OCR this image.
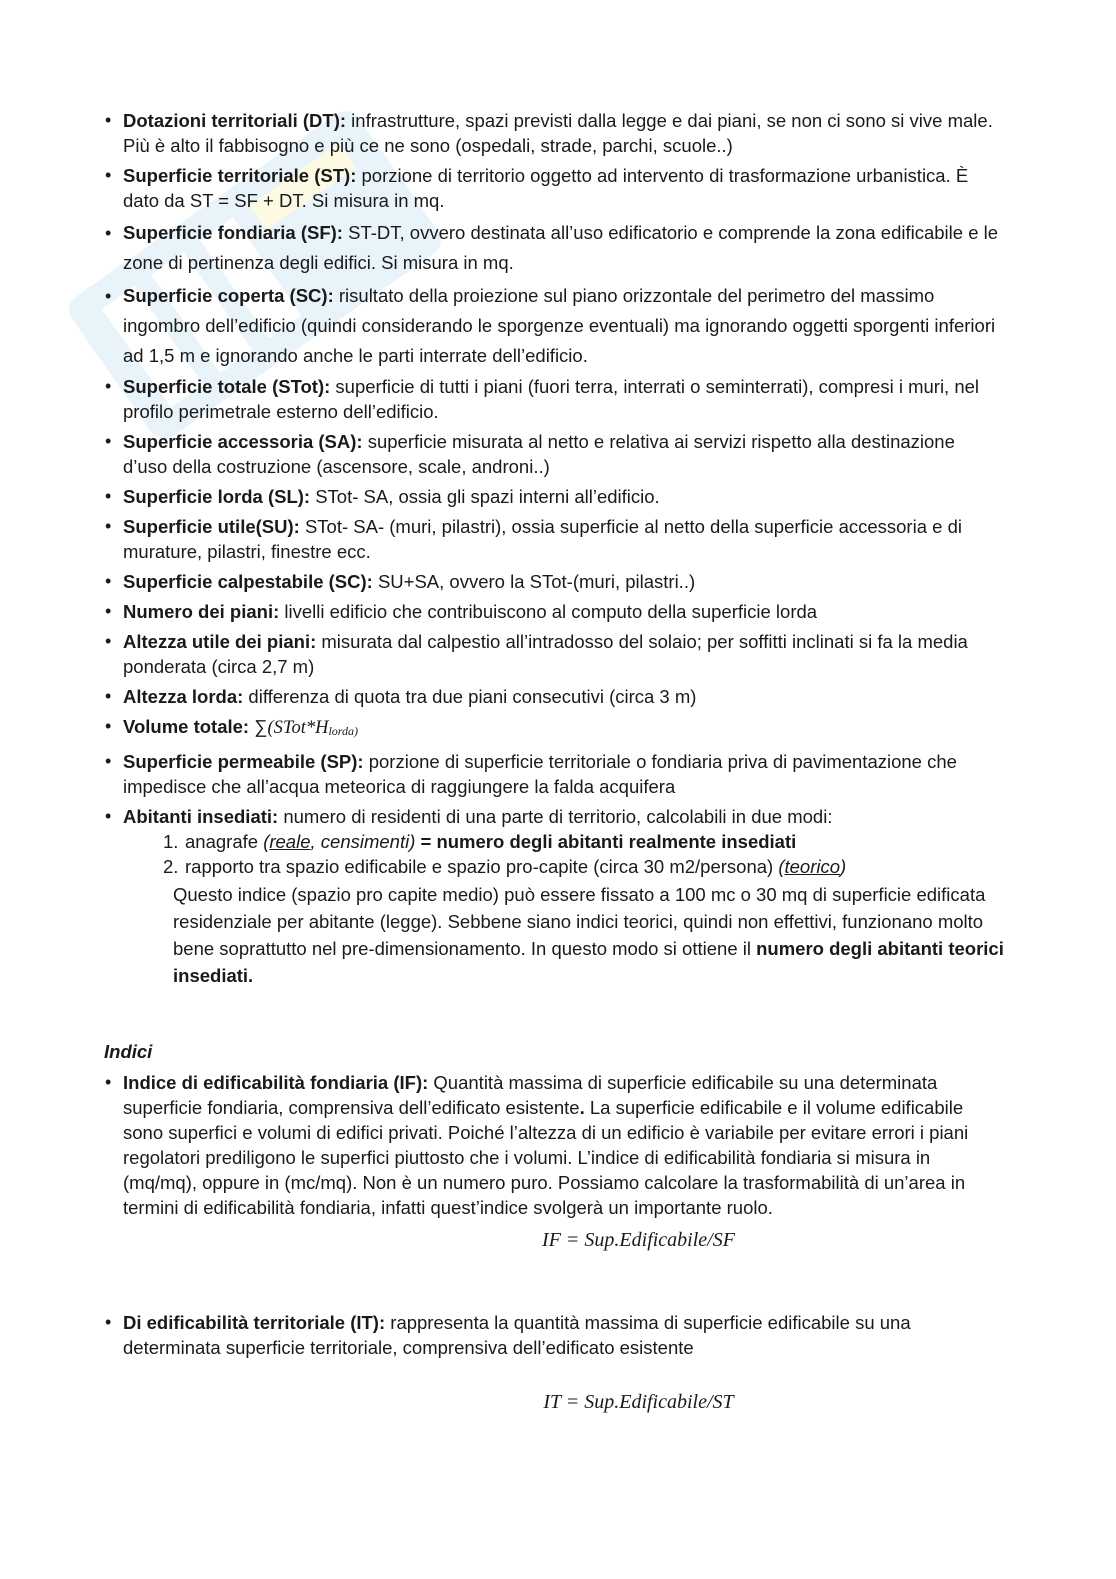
• Dotazioni territoriali (DT): infrastrutture, spazi previsti dalla legge e dai piani, se non ci sono si vive male. Più è alto il fabbisogno e più ce ne sono (ospedali, strade, parchi, scuole..)
• Superficie territoriale (ST): porzione di territorio oggetto ad intervento di trasformazione urbanistica. È dato da ST = SF + DT. Si misura in mq.
• Superficie fondiaria (SF): ST-DT, ovvero destinata all’uso edificatorio e comprende la zona edificabile e le zone di pertinenza degli edifici. Si misura in mq.
• Superficie coperta (SC): risultato della proiezione sul piano orizzontale del perimetro del massimo ingombro dell’edificio (quindi considerando le sporgenze eventuali) ma ignorando oggetti sporgenti inferiori ad 1,5 m e ignorando anche le parti interrate dell’edificio.
• Superficie totale (STot): superficie di tutti i piani (fuori terra, interrati o seminterrati), compresi i muri, nel profilo perimetrale esterno dell’edificio.
• Superficie accessoria (SA): superficie misurata al netto e relativa ai servizi rispetto alla destinazione d’uso della costruzione (ascensore, scale, androni..)
• Superficie lorda (SL): STot- SA, ossia gli spazi interni all’edificio.
• Superficie utile(SU): STot- SA- (muri, pilastri), ossia superficie al netto della superficie accessoria e di murature, pilastri, finestre ecc.
• Superficie calpestabile (SC): SU+SA, ovvero la STot-(muri, pilastri..)
• Numero dei piani: livelli edificio che contribuiscono al computo della superficie lorda
• Altezza utile dei piani: misurata dal calpestio all’intradosso del solaio; per soffitti inclinati si fa la media ponderata (circa 2,7 m)
• Altezza lorda: differenza di quota tra due piani consecutivi (circa 3 m)
• Volume totale: $\sum(STot*H_{lorda)}$
• Superficie permeabile (SP): porzione di superficie territoriale o fondiaria priva di pavimentazione che impedisce che all’acqua meteorica di raggiungere la falda acquifera
• Abitanti insediati: numero di residenti di una parte di territorio, calcolabili in due modi:
1. anagrafe (reale, censimenti) = numero degli abitanti realmente insediati
2. rapporto tra spazio edificabile e spazio pro-capite (circa 30 m2/persona) (teorico)
Questo indice (spazio pro capite medio) può essere fissato a 100 mc o 30 mq di superficie edificata residenziale per abitante (legge). Sebbene siano indici teorici, quindi non effettivi, funzionano molto bene soprattutto nel pre-dimensionamento. In questo modo si ottiene il numero degli abitanti teorici insediati.
Indici
• Indice di edificabilità fondiaria (IF): Quantità massima di superficie edificabile su una determinata superficie fondiaria, comprensiva dell’edificato esistente. La superficie edificabile e il volume edificabile sono superfici e volumi di edifici privati. Poiché l’altezza di un edificio è variabile per evitare errori i piani regolatori prediligono le superfici piuttosto che i volumi. L’indice di edificabilità fondiaria si misura in (mq/mq), oppure in (mc/mq). Non è un numero puro. Possiamo calcolare la trasformabilità di un’area in termini di edificabilità fondiaria, infatti quest’indice svolgerà un importante ruolo.
IF = Sup.Edificabile/SF
• Di edificabilità territoriale (IT): rappresenta la quantità massima di superficie edificabile su una determinata superficie territoriale, comprensiva dell’edificato esistente
IT = Sup.Edificabile/ST
